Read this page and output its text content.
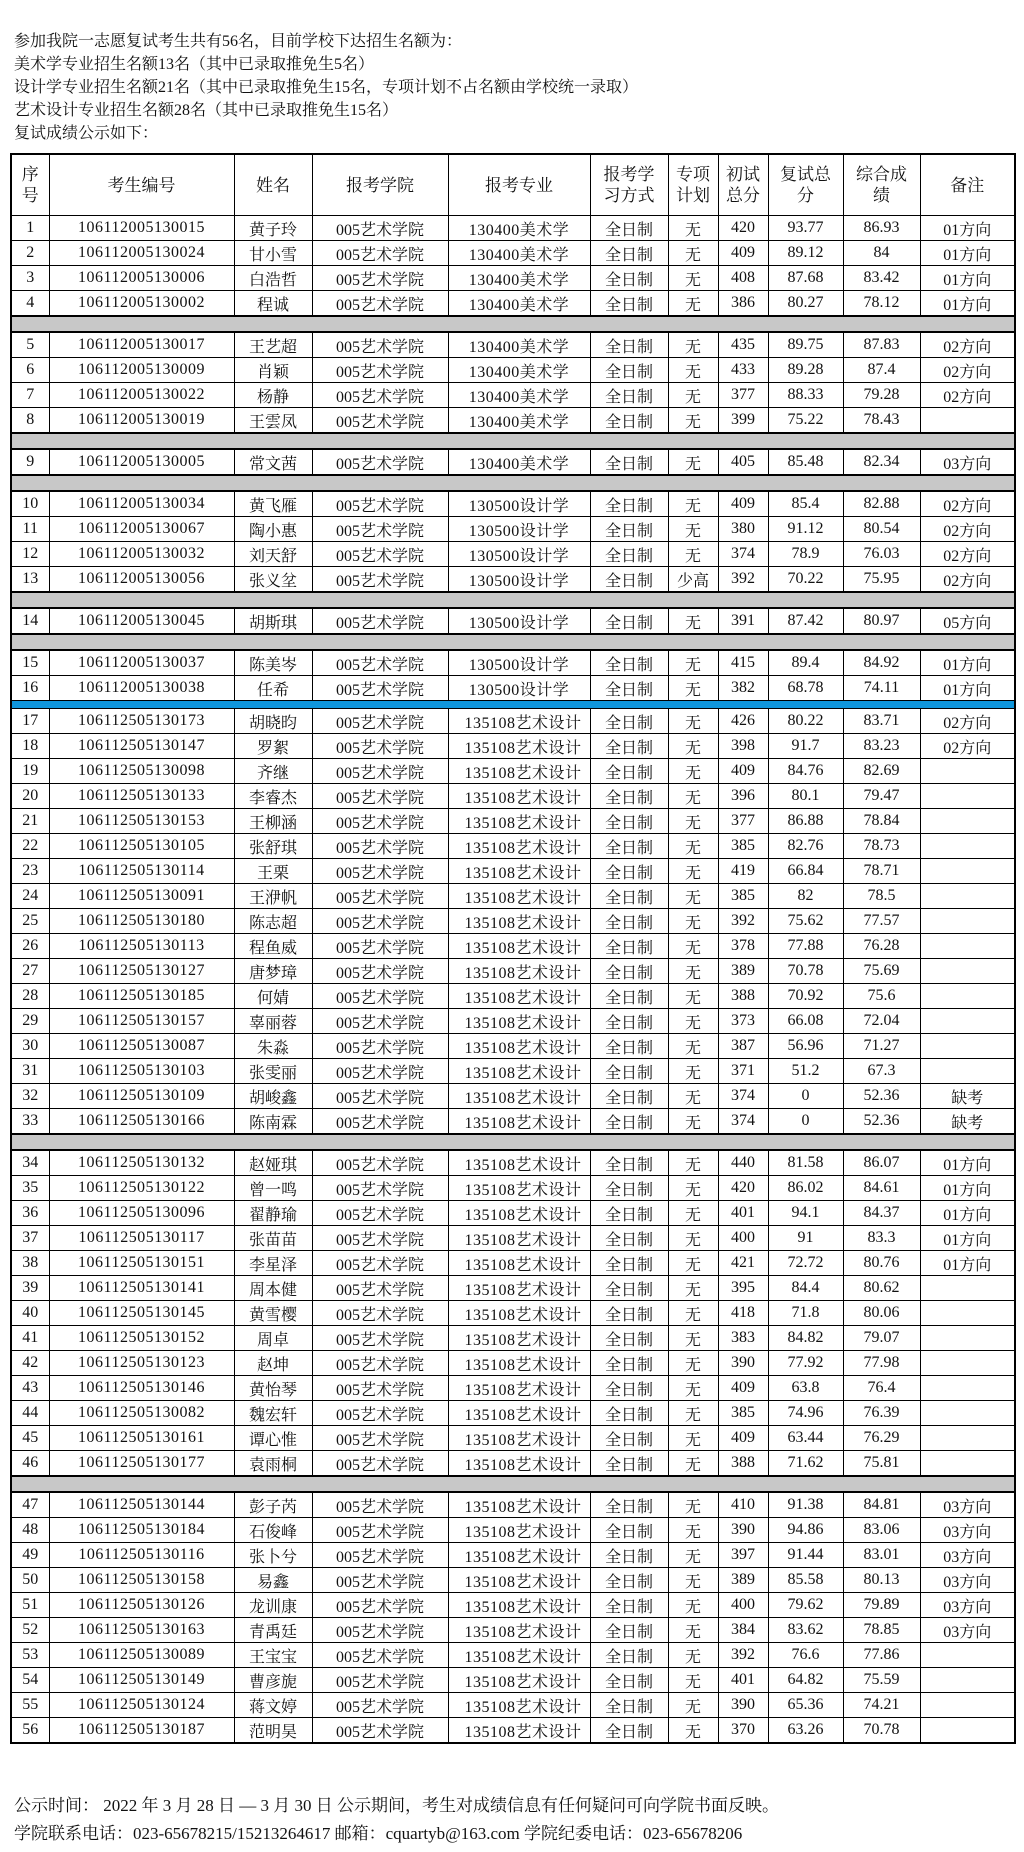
参加我院一志愿复试考生共有56名，目前学校下达招生名额为：

美术学专业招生名额13名（其中已录取推免生5名）

设计学专业招生名额21名（其中已录取推免生15名，专项计划不占名额由学校统一录取）

艺术设计专业招生名额28名（其中已录取推免生15名）

复试成绩公示如下：

序号	考生编号	姓名	报考学院	报考专业	报考学习方式	专项计划	初试总分	复试总分	综合成绩	备注
1	106112005130015	黄子玲	005艺术学院	130400美术学	全日制	无	420	93.77	86.93	01方向
2	106112005130024	甘小雪	005艺术学院	130400美术学	全日制	无	409	89.12	84	01方向
3	106112005130006	白浩哲	005艺术学院	130400美术学	全日制	无	408	87.68	83.42	01方向
4	106112005130002	程诚	005艺术学院	130400美术学	全日制	无	386	80.27	78.12	01方向

5	106112005130017	王艺超	005艺术学院	130400美术学	全日制	无	435	89.75	87.83	02方向
6	106112005130009	肖颖	005艺术学院	130400美术学	全日制	无	433	89.28	87.4	02方向
7	106112005130022	杨静	005艺术学院	130400美术学	全日制	无	377	88.33	79.28	02方向
8	106112005130019	王雲凤	005艺术学院	130400美术学	全日制	无	399	75.22	78.43	

9	106112005130005	常文茜	005艺术学院	130400美术学	全日制	无	405	85.48	82.34	03方向

10	106112005130034	黄飞雁	005艺术学院	130500设计学	全日制	无	409	85.4	82.88	02方向
11	106112005130067	陶小惠	005艺术学院	130500设计学	全日制	无	380	91.12	80.54	02方向
12	106112005130032	刘天舒	005艺术学院	130500设计学	全日制	无	374	78.9	76.03	02方向
13	106112005130056	张义坌	005艺术学院	130500设计学	全日制	少高	392	70.22	75.95	02方向

14	106112005130045	胡斯琪	005艺术学院	130500设计学	全日制	无	391	87.42	80.97	05方向

15	106112005130037	陈美岑	005艺术学院	130500设计学	全日制	无	415	89.4	84.92	01方向
16	106112005130038	任希	005艺术学院	130500设计学	全日制	无	382	68.78	74.11	01方向

17	106112505130173	胡晓昀	005艺术学院	135108艺术设计	全日制	无	426	80.22	83.71	02方向
18	106112505130147	罗絮	005艺术学院	135108艺术设计	全日制	无	398	91.7	83.23	02方向
19	106112505130098	齐继	005艺术学院	135108艺术设计	全日制	无	409	84.76	82.69	
20	106112505130133	李睿杰	005艺术学院	135108艺术设计	全日制	无	396	80.1	79.47	
21	106112505130153	王柳涵	005艺术学院	135108艺术设计	全日制	无	377	86.88	78.84	
22	106112505130105	张舒琪	005艺术学院	135108艺术设计	全日制	无	385	82.76	78.73	
23	106112505130114	王栗	005艺术学院	135108艺术设计	全日制	无	419	66.84	78.71	
24	106112505130091	王洢帆	005艺术学院	135108艺术设计	全日制	无	385	82	78.5	
25	106112505130180	陈志超	005艺术学院	135108艺术设计	全日制	无	392	75.62	77.57	
26	106112505130113	程鱼威	005艺术学院	135108艺术设计	全日制	无	378	77.88	76.28	
27	106112505130127	唐梦璋	005艺术学院	135108艺术设计	全日制	无	389	70.78	75.69	
28	106112505130185	何婧	005艺术学院	135108艺术设计	全日制	无	388	70.92	75.6	
29	106112505130157	辜丽蓉	005艺术学院	135108艺术设计	全日制	无	373	66.08	72.04	
30	106112505130087	朱淼	005艺术学院	135108艺术设计	全日制	无	387	56.96	71.27	
31	106112505130103	张雯丽	005艺术学院	135108艺术设计	全日制	无	371	51.2	67.3	
32	106112505130109	胡峻鑫	005艺术学院	135108艺术设计	全日制	无	374	0	52.36	缺考
33	106112505130166	陈南霖	005艺术学院	135108艺术设计	全日制	无	374	0	52.36	缺考

34	106112505130132	赵娅琪	005艺术学院	135108艺术设计	全日制	无	440	81.58	86.07	01方向
35	106112505130122	曾一鸣	005艺术学院	135108艺术设计	全日制	无	420	86.02	84.61	01方向
36	106112505130096	翟静瑜	005艺术学院	135108艺术设计	全日制	无	401	94.1	84.37	01方向
37	106112505130117	张苗苗	005艺术学院	135108艺术设计	全日制	无	400	91	83.3	01方向
38	106112505130151	李星泽	005艺术学院	135108艺术设计	全日制	无	421	72.72	80.76	01方向
39	106112505130141	周本健	005艺术学院	135108艺术设计	全日制	无	395	84.4	80.62	
40	106112505130145	黄雪樱	005艺术学院	135108艺术设计	全日制	无	418	71.8	80.06	
41	106112505130152	周卓	005艺术学院	135108艺术设计	全日制	无	383	84.82	79.07	
42	106112505130123	赵坤	005艺术学院	135108艺术设计	全日制	无	390	77.92	77.98	
43	106112505130146	黄怡琴	005艺术学院	135108艺术设计	全日制	无	409	63.8	76.4	
44	106112505130082	魏宏轩	005艺术学院	135108艺术设计	全日制	无	385	74.96	76.39	
45	106112505130161	谭心惟	005艺术学院	135108艺术设计	全日制	无	409	63.44	76.29	
46	106112505130177	袁雨桐	005艺术学院	135108艺术设计	全日制	无	388	71.62	75.81	

47	106112505130144	彭子芮	005艺术学院	135108艺术设计	全日制	无	410	91.38	84.81	03方向
48	106112505130184	石俊峰	005艺术学院	135108艺术设计	全日制	无	390	94.86	83.06	03方向
49	106112505130116	张卜兮	005艺术学院	135108艺术设计	全日制	无	397	91.44	83.01	03方向
50	106112505130158	易鑫	005艺术学院	135108艺术设计	全日制	无	389	85.58	80.13	03方向
51	106112505130126	龙训康	005艺术学院	135108艺术设计	全日制	无	400	79.62	79.89	03方向
52	106112505130163	青禹廷	005艺术学院	135108艺术设计	全日制	无	384	83.62	78.85	03方向
53	106112505130089	王宝宝	005艺术学院	135108艺术设计	全日制	无	392	76.6	77.86	
54	106112505130149	曹彦旎	005艺术学院	135108艺术设计	全日制	无	401	64.82	75.59	
55	106112505130124	蒋文婷	005艺术学院	135108艺术设计	全日制	无	390	65.36	74.21	
56	106112505130187	范明昊	005艺术学院	135108艺术设计	全日制	无	370	63.26	70.78	

公示时间： 2022 年 3 月 28 日 — 3 月 30 日 公示期间，考生对成绩信息有任何疑问可向学院书面反映。

学院联系电话：023-65678215/15213264617 邮箱：cquartyb@163.com 学院纪委电话：023-65678206
